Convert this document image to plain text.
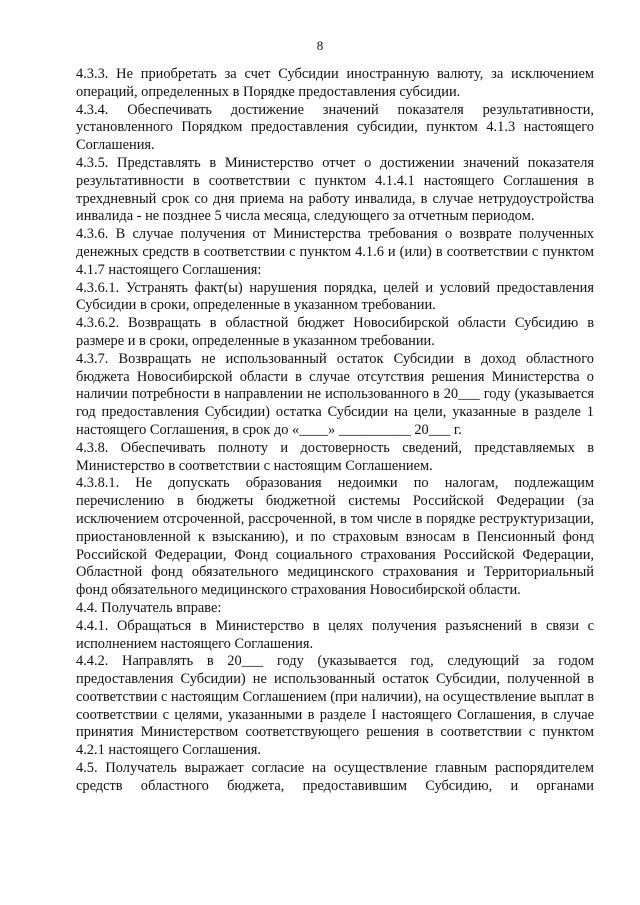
8

4.3.3. Не приобретать за счет Субсидии иностранную валюту, за исключением операций, определенных в Порядке предоставления субсидии.

4.3.4. Обеспечивать достижение значений показателя результативности, установленного Порядком предоставления субсидии, пунктом 4.1.3 настоящего Соглашения.

4.3.5. Представлять в Министерство отчет о достижении значений показателя результативности в соответствии с пунктом 4.1.4.1 настоящего Соглашения в трехдневный срок со дня приема на работу инвалида, в случае нетрудоустройства инвалида - не позднее 5 числа месяца, следующего за отчетным периодом.

4.3.6. В случае получения от Министерства требования о возврате полученных денежных средств в соответствии с пунктом 4.1.6 и (или) в соответствии с пунктом 4.1.7 настоящего Соглашения:

4.3.6.1. Устранять факт(ы) нарушения порядка, целей и условий предоставления Субсидии в сроки, определенные в указанном требовании.

4.3.6.2. Возвращать в областной бюджет Новосибирской области Субсидию в размере и в сроки, определенные в указанном требовании.

4.3.7. Возвращать не использованный остаток Субсидии в доход областного бюджета Новосибирской области в случае отсутствия решения Министерства о наличии потребности в направлении не использованного в 20___ году (указывается год предоставления Субсидии) остатка Субсидии на цели, указанные в разделе 1 настоящего Соглашения, в срок до «____» __________ 20___ г.

4.3.8. Обеспечивать полноту и достоверность сведений, представляемых в Министерство в соответствии с настоящим Соглашением.

4.3.8.1. Не допускать образования недоимки по налогам, подлежащим перечислению в бюджеты бюджетной системы Российской Федерации (за исключением отсроченной, рассроченной, в том числе в порядке реструктуризации, приостановленной к взысканию), и по страховым взносам в Пенсионный фонд Российской Федерации, Фонд социального страхования Российской Федерации, Областной фонд обязательного медицинского страхования и Территориальный фонд обязательного медицинского страхования Новосибирской области.

4.4. Получатель вправе:

4.4.1. Обращаться в Министерство в целях получения разъяснений в связи с исполнением настоящего Соглашения.

4.4.2. Направлять в 20___ году (указывается год, следующий за годом предоставления Субсидии) не использованный остаток Субсидии, полученной в соответствии с настоящим Соглашением (при наличии), на осуществление выплат в соответствии с целями, указанными в разделе I настоящего Соглашения, в случае принятия Министерством соответствующего решения в соответствии с пунктом 4.2.1 настоящего Соглашения.

4.5. Получатель выражает согласие на осуществление главным распорядителем средств областного бюджета, предоставившим Субсидию, и органами
